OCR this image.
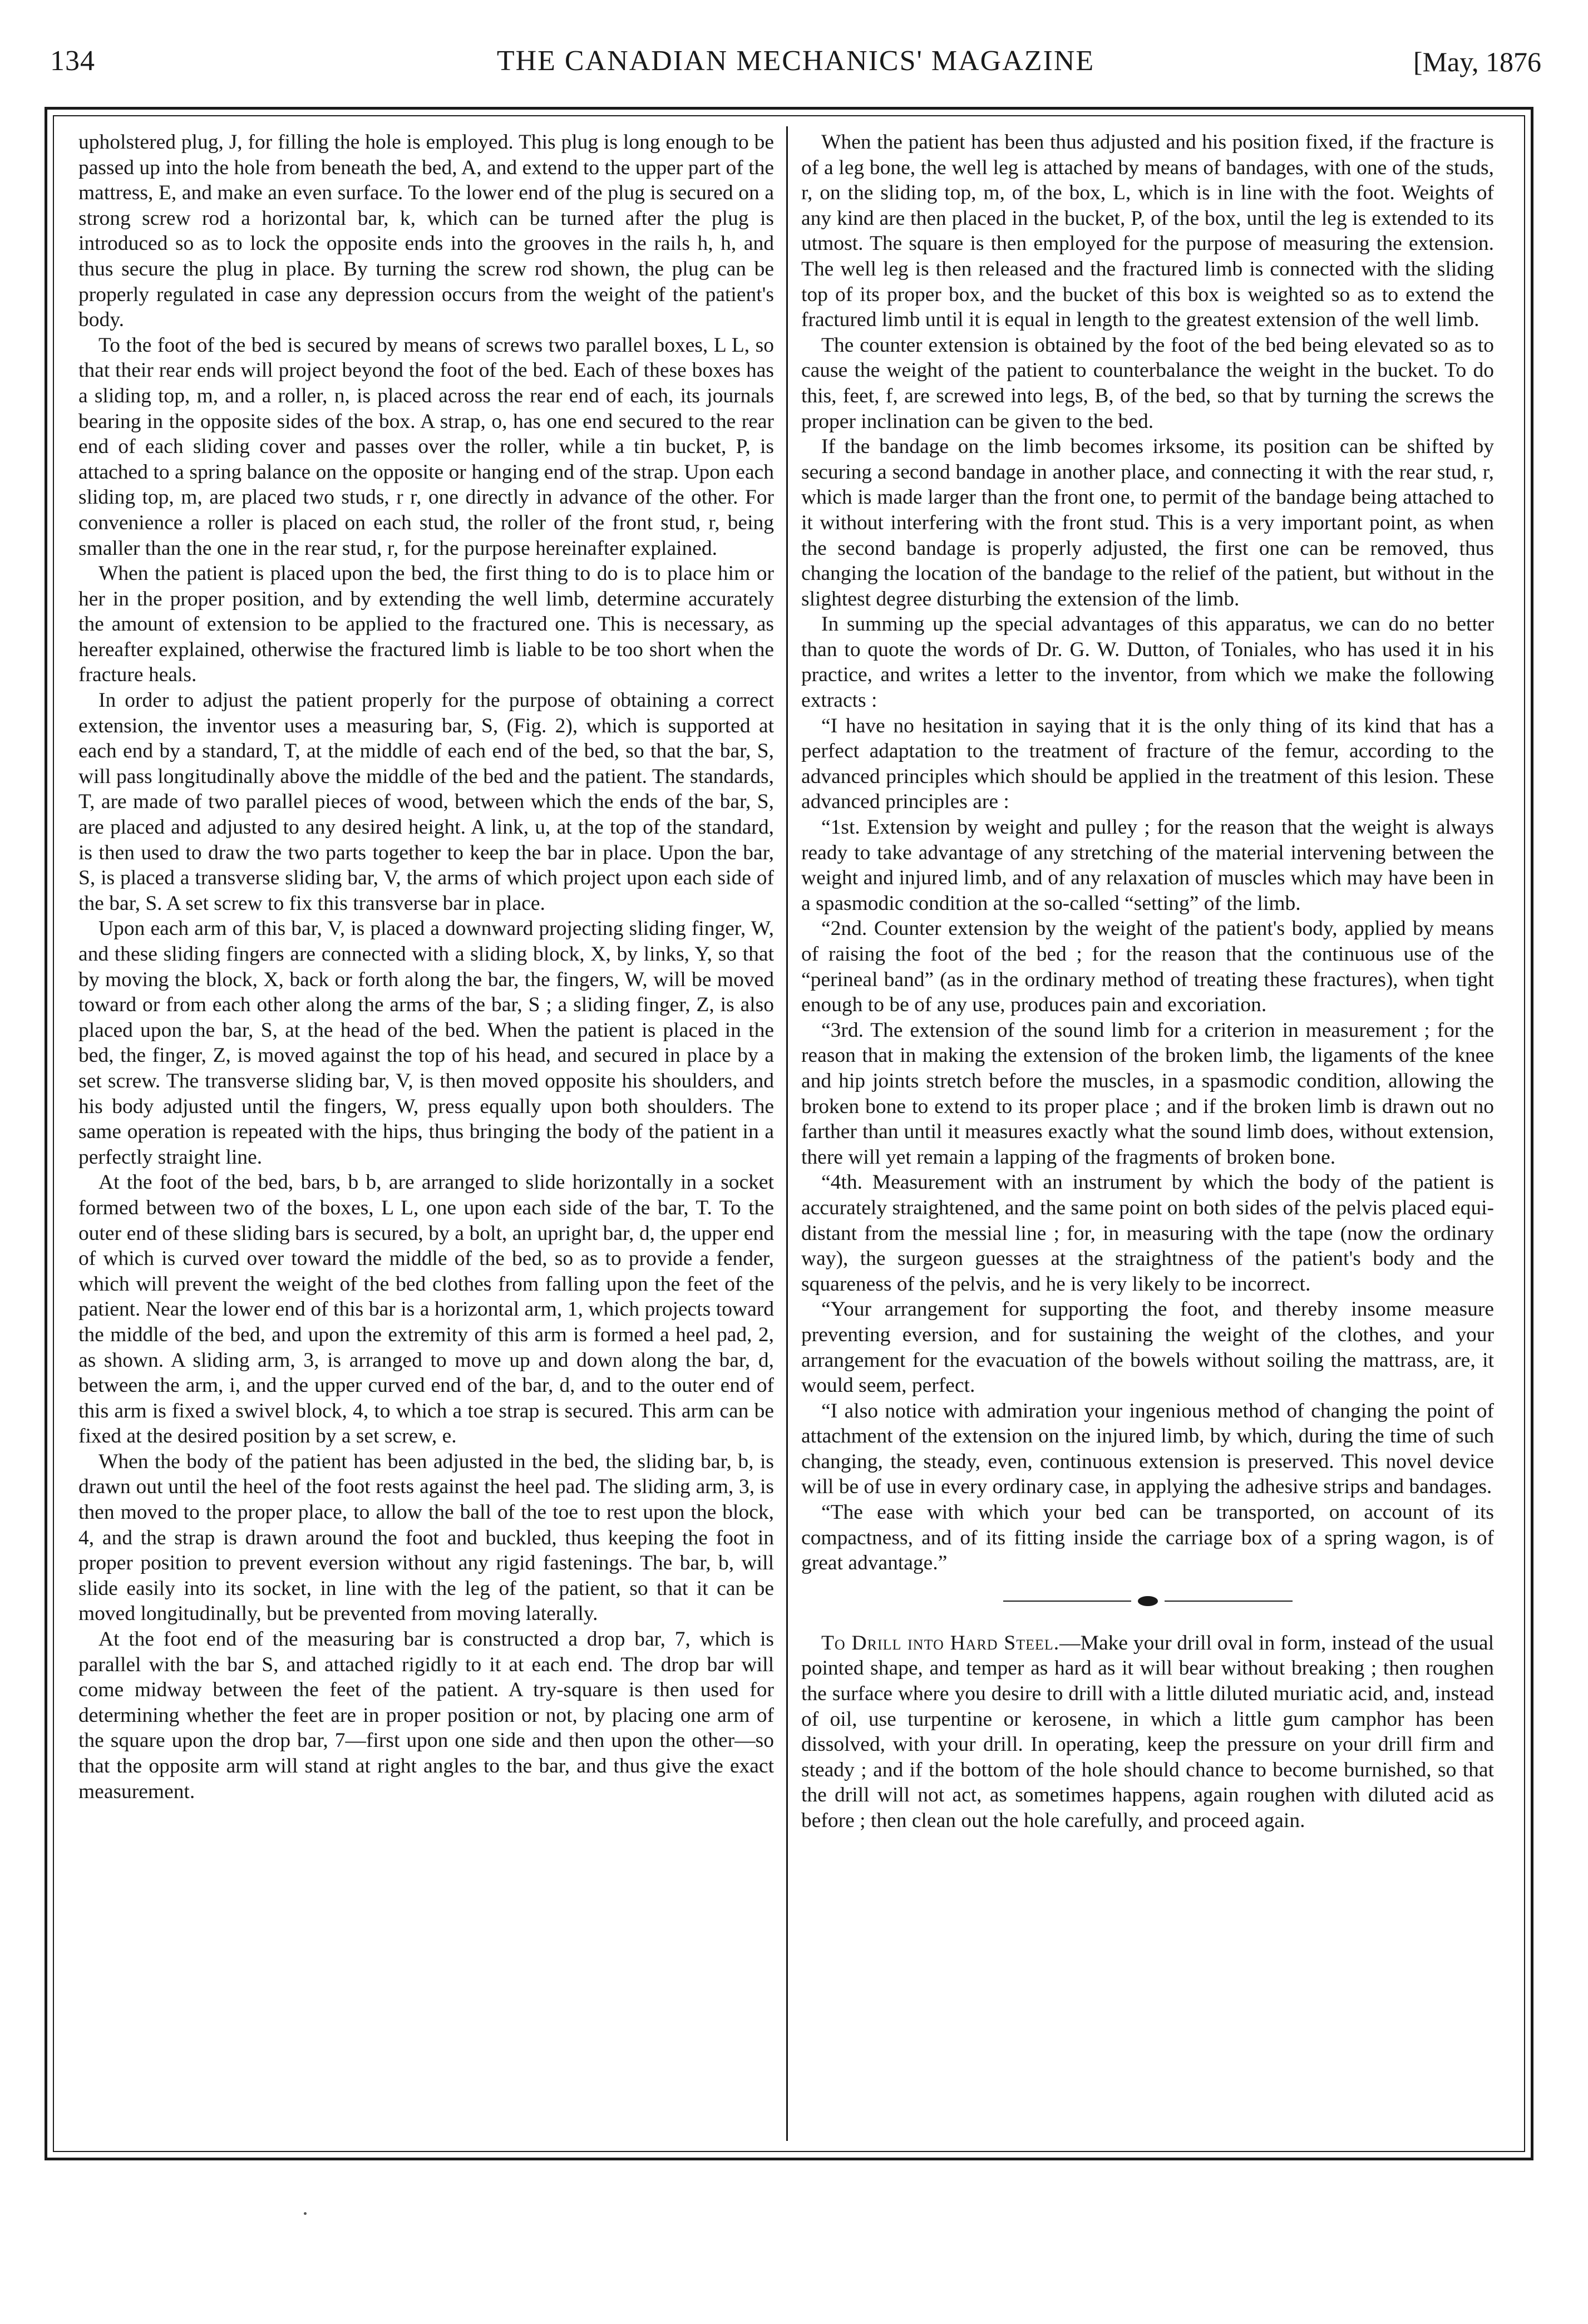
134	THE CANADIAN MECHANICS' MAGAZINE	[May, 1876

upholstered plug, J, for filling the hole is employed. This plug is long enough to be passed up into the hole from beneath the bed, A, and extend to the upper part of the mattress, E, and make an even surface. To the lower end of the plug is secured on a strong screw rod a horizontal bar, k, which can be turned after the plug is introduced so as to lock the opposite ends into the grooves in the rails h, h, and thus secure the plug in place. By turning the screw rod shown, the plug can be properly regulated in case any depression occurs from the weight of the patient's body.

To the foot of the bed is secured by means of screws two parallel boxes, L L, so that their rear ends will project beyond the foot of the bed. Each of these boxes has a sliding top, m, and a roller, n, is placed across the rear end of each, its journals bearing in the opposite sides of the box. A strap, o, has one end secured to the rear end of each sliding cover and passes over the roller, while a tin bucket, P, is attached to a spring balance on the opposite or hanging end of the strap. Upon each sliding top, m, are placed two studs, r r, one directly in advance of the other. For convenience a roller is placed on each stud, the roller of the front stud, r, being smaller than the one in the rear stud, r, for the purpose hereinafter explained.

When the patient is placed upon the bed, the first thing to do is to place him or her in the proper position, and by extending the well limb, determine accurately the amount of extension to be applied to the fractured one. This is necessary, as hereafter explained, otherwise the fractured limb is liable to be too short when the fracture heals.

In order to adjust the patient properly for the purpose of obtaining a correct extension, the inventor uses a measuring bar, S, (Fig. 2), which is supported at each end by a standard, T, at the middle of each end of the bed, so that the bar, S, will pass longitudinally above the middle of the bed and the patient. The standards, T, are made of two parallel pieces of wood, between which the ends of the bar, S, are placed and adjusted to any desired height. A link, u, at the top of the standard, is then used to draw the two parts together to keep the bar in place. Upon the bar, S, is placed a transverse sliding bar, V, the arms of which project upon each side of the bar, S. A set screw to fix this transverse bar in place.

Upon each arm of this bar, V, is placed a downward projecting sliding finger, W, and these sliding fingers are connected with a sliding block, X, by links, Y, so that by moving the block, X, back or forth along the bar, the fingers, W, will be moved toward or from each other along the arms of the bar, S ; a sliding finger, Z, is also placed upon the bar, S, at the head of the bed. When the patient is placed in the bed, the finger, Z, is moved against the top of his head, and secured in place by a set screw. The transverse sliding bar, V, is then moved opposite his shoulders, and his body adjusted until the fingers, W, press equally upon both shoulders. The same operation is repeated with the hips, thus bringing the body of the patient in a perfectly straight line.

At the foot of the bed, bars, b b, are arranged to slide horizontally in a socket formed between two of the boxes, L L, one upon each side of the bar, T. To the outer end of these sliding bars is secured, by a bolt, an upright bar, d, the upper end of which is curved over toward the middle of the bed, so as to provide a fender, which will prevent the weight of the bed clothes from falling upon the feet of the patient. Near the lower end of this bar is a horizontal arm, 1, which projects toward the middle of the bed, and upon the extremity of this arm is formed a heel pad, 2, as shown. A sliding arm, 3, is arranged to move up and down along the bar, d, between the arm, i, and the upper curved end of the bar, d, and to the outer end of this arm is fixed a swivel block, 4, to which a toe strap is secured. This arm can be fixed at the desired position by a set screw, e.

When the body of the patient has been adjusted in the bed, the sliding bar, b, is drawn out until the heel of the foot rests against the heel pad. The sliding arm, 3, is then moved to the proper place, to allow the ball of the toe to rest upon the block, 4, and the strap is drawn around the foot and buckled, thus keeping the foot in proper position to prevent eversion without any rigid fastenings. The bar, b, will slide easily into its socket, in line with the leg of the patient, so that it can be moved longitudinally, but be prevented from moving laterally.

At the foot end of the measuring bar is constructed a drop bar, 7, which is parallel with the bar S, and attached rigidly to it at each end. The drop bar will come midway between the feet of the patient. A try-square is then used for determining whether the feet are in proper position or not, by placing one arm of the square upon the drop bar, 7—first upon one side and then upon the other—so that the opposite arm will stand at right angles to the bar, and thus give the exact measurement.

When the patient has been thus adjusted and his position fixed, if the fracture is of a leg bone, the well leg is attached by means of bandages, with one of the studs, r, on the sliding top, m, of the box, L, which is in line with the foot. Weights of any kind are then placed in the bucket, P, of the box, until the leg is extended to its utmost. The square is then employed for the purpose of measuring the extension. The well leg is then released and the fractured limb is connected with the sliding top of its proper box, and the bucket of this box is weighted so as to extend the fractured limb until it is equal in length to the greatest extension of the well limb.

The counter extension is obtained by the foot of the bed being elevated so as to cause the weight of the patient to counterbalance the weight in the bucket. To do this, feet, f, are screwed into legs, B, of the bed, so that by turning the screws the proper inclination can be given to the bed.

If the bandage on the limb becomes irksome, its position can be shifted by securing a second bandage in another place, and connecting it with the rear stud, r, which is made larger than the front one, to permit of the bandage being attached to it without interfering with the front stud. This is a very important point, as when the second bandage is properly adjusted, the first one can be removed, thus changing the location of the bandage to the relief of the patient, but without in the slightest degree disturbing the extension of the limb.

In summing up the special advantages of this apparatus, we can do no better than to quote the words of Dr. G. W. Dutton, of Toniales, who has used it in his practice, and writes a letter to the inventor, from which we make the following extracts :

“I have no hesitation in saying that it is the only thing of its kind that has a perfect adaptation to the treatment of fracture of the femur, according to the advanced principles which should be applied in the treatment of this lesion. These advanced principles are :

“1st. Extension by weight and pulley ; for the reason that the weight is always ready to take advantage of any stretching of the material intervening between the weight and injured limb, and of any relaxation of muscles which may have been in a spasmodic condition at the so-called “setting” of the limb.

“2nd. Counter extension by the weight of the patient's body, applied by means of raising the foot of the bed ; for the reason that the continuous use of the “perineal band” (as in the ordinary method of treating these fractures), when tight enough to be of any use, produces pain and excoriation.

“3rd. The extension of the sound limb for a criterion in measurement ; for the reason that in making the extension of the broken limb, the ligaments of the knee and hip joints stretch before the muscles, in a spasmodic condition, allowing the broken bone to extend to its proper place ; and if the broken limb is drawn out no farther than until it measures exactly what the sound limb does, without extension, there will yet remain a lapping of the fragments of broken bone.

“4th. Measurement with an instrument by which the body of the patient is accurately straightened, and the same point on both sides of the pelvis placed equi-distant from the messial line ; for, in measuring with the tape (now the ordinary way), the surgeon guesses at the straightness of the patient's body and the squareness of the pelvis, and he is very likely to be incorrect.

“Your arrangement for supporting the foot, and thereby insome measure preventing eversion, and for sustaining the weight of the clothes, and your arrangement for the evacuation of the bowels without soiling the mattrass, are, it would seem, perfect.

“I also notice with admiration your ingenious method of changing the point of attachment of the extension on the injured limb, by which, during the time of such changing, the steady, even, continuous extension is preserved. This novel device will be of use in every ordinary case, in applying the adhesive strips and bandages.

“The ease with which your bed can be transported, on account of its compactness, and of its fitting inside the carriage box of a spring wagon, is of great advantage.”

To Drill into Hard Steel.—Make your drill oval in form, instead of the usual pointed shape, and temper as hard as it will bear without breaking ; then roughen the surface where you desire to drill with a little diluted muriatic acid, and, instead of oil, use turpentine or kerosene, in which a little gum camphor has been dissolved, with your drill. In operating, keep the pressure on your drill firm and steady ; and if the bottom of the hole should chance to become burnished, so that the drill will not act, as sometimes happens, again roughen with diluted acid as before ; then clean out the hole carefully, and proceed again.
